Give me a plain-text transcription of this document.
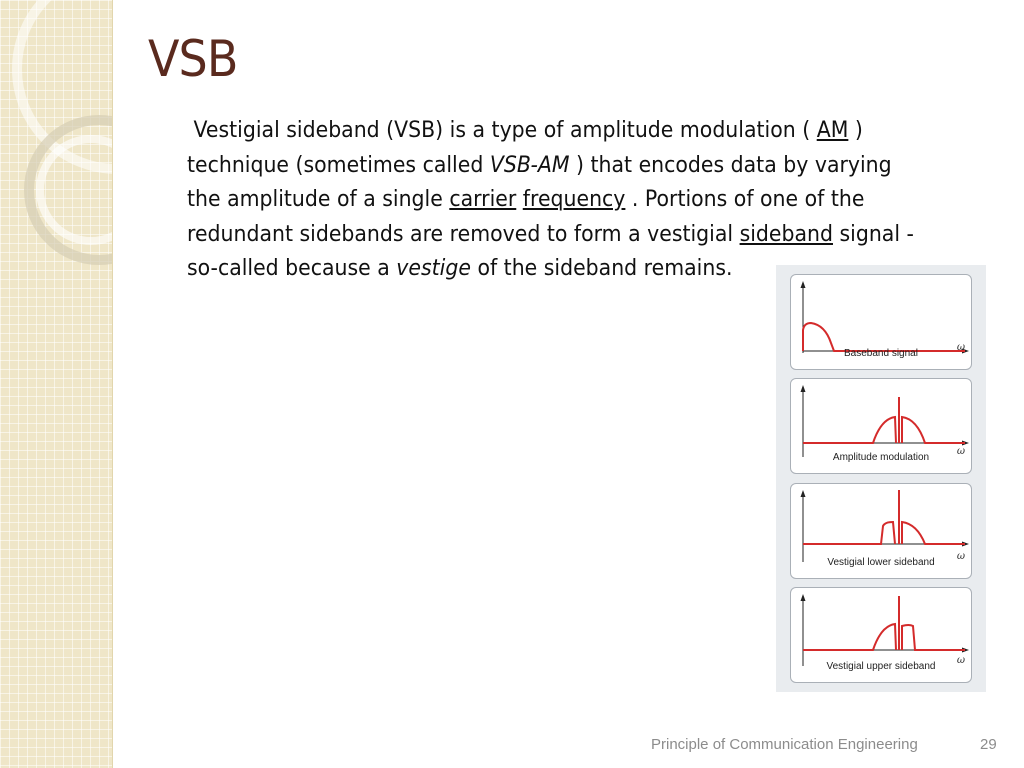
VSB
Vestigial sideband (VSB) is a type of amplitude modulation ( AM )
technique (sometimes called VSB-AM ) that encodes data by varying
the amplitude of a single carrier frequency . Portions of one of the
redundant sidebands are removed to form a vestigial sideband signal -
so-called because a vestige of the sideband remains.
Baseband signal
ω
Amplitude modulation
ω
Vestigial lower sideband
ω
Vestigial upper sideband
ω
Principle of Communication Engineering	29
